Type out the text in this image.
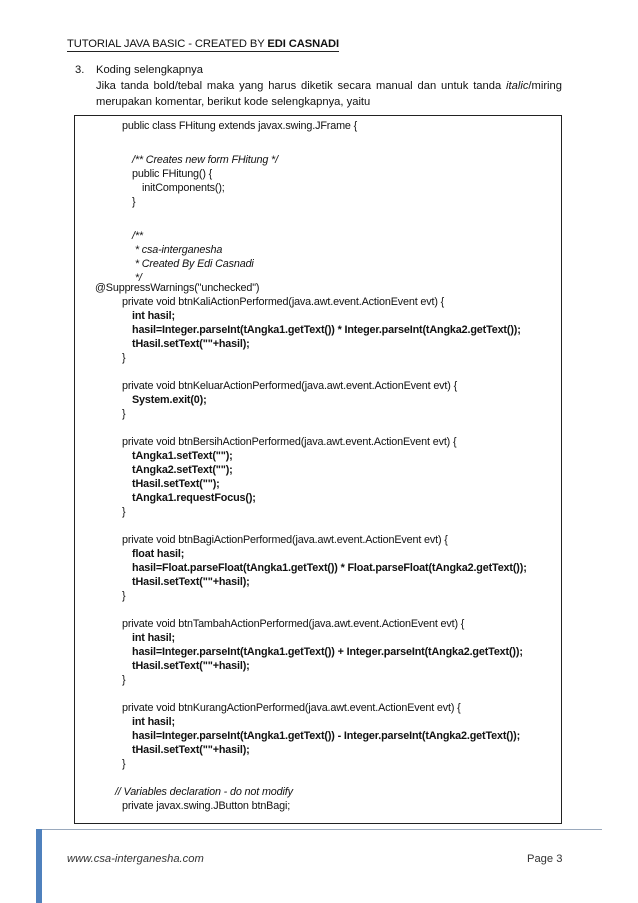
TUTORIAL JAVA BASIC - CREATED BY EDI CASNADI
3. Koding selengkapnya
Jika tanda bold/tebal maka yang harus diketik secara manual dan untuk tanda italic/miring merupakan komentar, berikut kode selengkapnya, yaitu
public class FHitung extends javax.swing.JFrame {
/** Creates new form FHitung */
public FHitung() {
initComponents();
}
/**
* csa-interganesha
* Created By Edi Casnadi
*/
@SuppressWarnings("unchecked")
private void btnKaliActionPerformed(java.awt.event.ActionEvent evt) {
int hasil;
hasil=Integer.parseInt(tAngka1.getText()) * Integer.parseInt(tAngka2.getText());
tHasil.setText(""+hasil);
}
private void btnKeluarActionPerformed(java.awt.event.ActionEvent evt) {
System.exit(0);
}
private void btnBersihActionPerformed(java.awt.event.ActionEvent evt) {
tAngka1.setText("");
tAngka2.setText("");
tHasil.setText("");
tAngka1.requestFocus();
}
private void btnBagiActionPerformed(java.awt.event.ActionEvent evt) {
float hasil;
hasil=Float.parseFloat(tAngka1.getText()) * Float.parseFloat(tAngka2.getText());
tHasil.setText(""+hasil);
}
private void btnTambahActionPerformed(java.awt.event.ActionEvent evt) {
int hasil;
hasil=Integer.parseInt(tAngka1.getText()) + Integer.parseInt(tAngka2.getText());
tHasil.setText(""+hasil);
}
private void btnKurangActionPerformed(java.awt.event.ActionEvent evt) {
int hasil;
hasil=Integer.parseInt(tAngka1.getText()) - Integer.parseInt(tAngka2.getText());
tHasil.setText(""+hasil);
}
// Variables declaration - do not modify
private javax.swing.JButton btnBagi;
www.csa-interganesha.com	Page 3
